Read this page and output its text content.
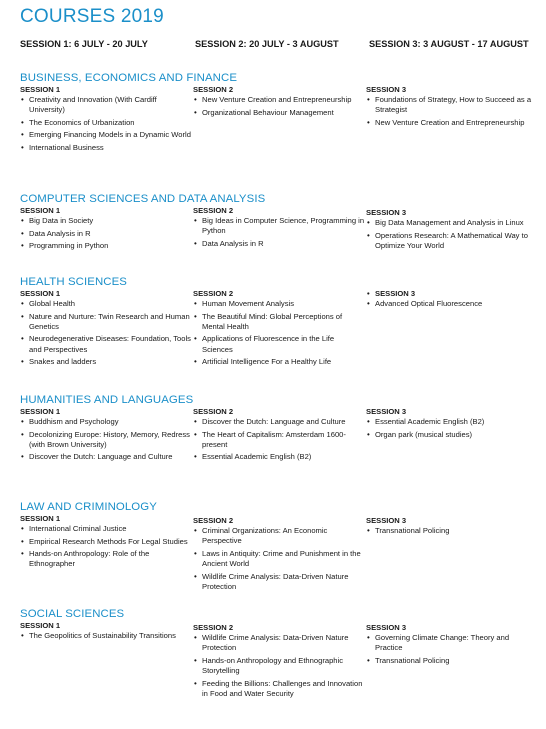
COURSES 2019
SESSION 1: 6 JULY - 20 JULY	SESSION 2: 20 JULY - 3 AUGUST	SESSION 3: 3 AUGUST - 17 AUGUST
BUSINESS, ECONOMICS AND FINANCE
SESSION 1
• Creativity and Innovation (With Cardiff University)
• The Economics of Urbanization
• Emerging Financing Models in a Dynamic World
• International Business
SESSION 2
• New Venture Creation and Entrepreneurship
• Organizational Behaviour Management
SESSION 3
• Foundations of Strategy, How to Succeed as a Strategist
• New Venture Creation and Entrepreneurship
COMPUTER SCIENCES AND DATA ANALYSIS
SESSION 1
• Big Data in Society
• Data Analysis in R
• Programming in Python
SESSION 2
• Big Ideas in Computer Science, Programming in Python
• Data Analysis in R
SESSION 3
• Big Data Management and Analysis in Linux
• Operations Research: A Mathematical Way to Optimize Your World
HEALTH SCIENCES
SESSION 1
• Global Health
• Nature and Nurture: Twin Research and Human Genetics
• Neurodegenerative Diseases: Foundation, Tools and Perspectives
• Snakes and ladders
SESSION 2
• Human Movement Analysis
• The Beautiful Mind: Global Perceptions of Mental Health
• Applications of Fluorescence in the Life Sciences
• Artificial Intelligence For a Healthy Life
• SESSION 3
• Advanced Optical Fluorescence
HUMANITIES AND LANGUAGES
SESSION 1
• Buddhism and Psychology
• Decolonizing Europe: History, Memory, Redress (with Brown University)
• Discover the Dutch: Language and Culture
SESSION 2
• Discover the Dutch: Language and Culture
• The Heart of Capitalism: Amsterdam 1600-present
• Essential Academic English (B2)
SESSION 3
• Essential Academic English (B2)
• Organ park (musical studies)
LAW AND CRIMINOLOGY
SESSION 1
• International Criminal Justice
• Empirical Research Methods For Legal Studies
• Hands-on Anthropology: Role of the Ethnographer
SESSION 2
• Criminal Organizations: An Economic Perspective
• Laws in Antiquity: Crime and Punishment in the Ancient World
• Wildlife Crime Analysis: Data-Driven Nature Protection
SESSION 3
• Transnational Policing
SOCIAL SCIENCES
SESSION 1
• The Geopolitics of Sustainability Transitions
SESSION 2
• Wildlife Crime Analysis: Data-Driven Nature Protection
• Hands-on Anthropology and Ethnographic Storytelling
• Feeding the Billions: Challenges and Innovation in Food and Water Security
SESSION 3
• Governing Climate Change: Theory and Practice
• Transnational Policing
